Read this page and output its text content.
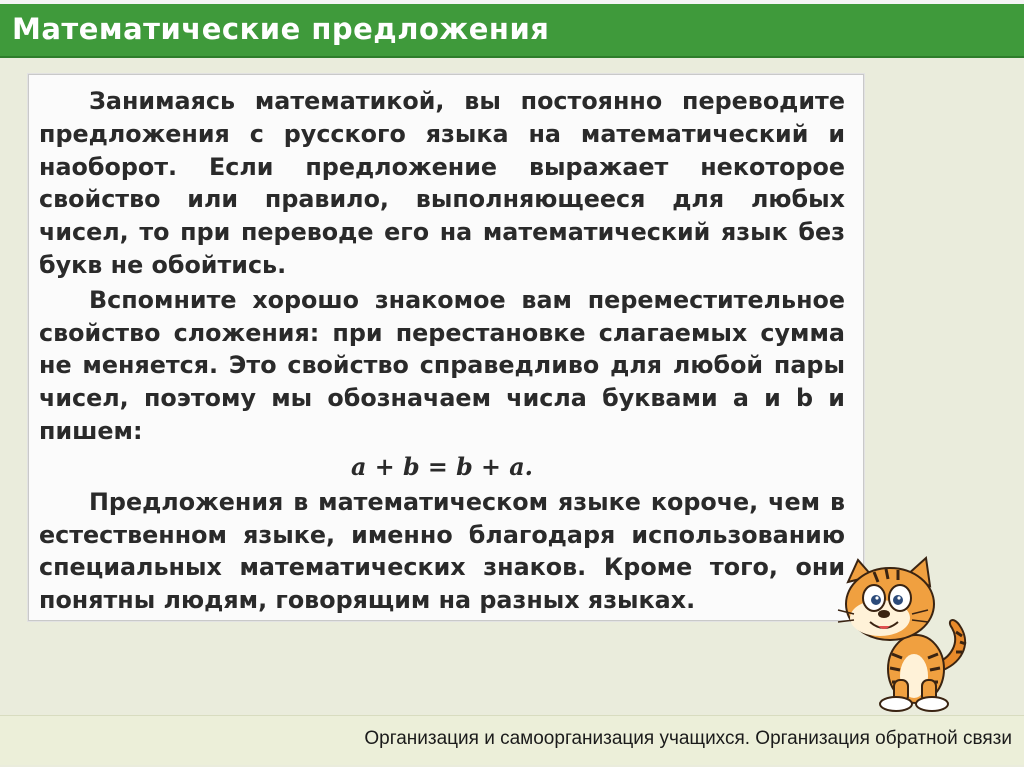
Математические предложения

Занимаясь математикой, вы постоянно переводите предложения с русского языка на математический и наоборот. Если предложение выражает некоторое свойство или правило, выполняющееся для любых чисел, то при переводе его на математический язык без букв не обойтись.

Вспомните хорошо знакомое вам переместительное свойство сложения: при перестановке слагаемых сумма не меняется. Это свойство справедливо для любой пары чисел, поэтому мы обозначаем числа буквами a и b и пишем:

a + b = b + a.

Предложения в математическом языке короче, чем в естественном языке, именно благодаря использованию специальных математических знаков. Кроме того, они понятны людям, говорящим на разных языках.

Организация и самоорганизация учащихся. Организация обратной связи
